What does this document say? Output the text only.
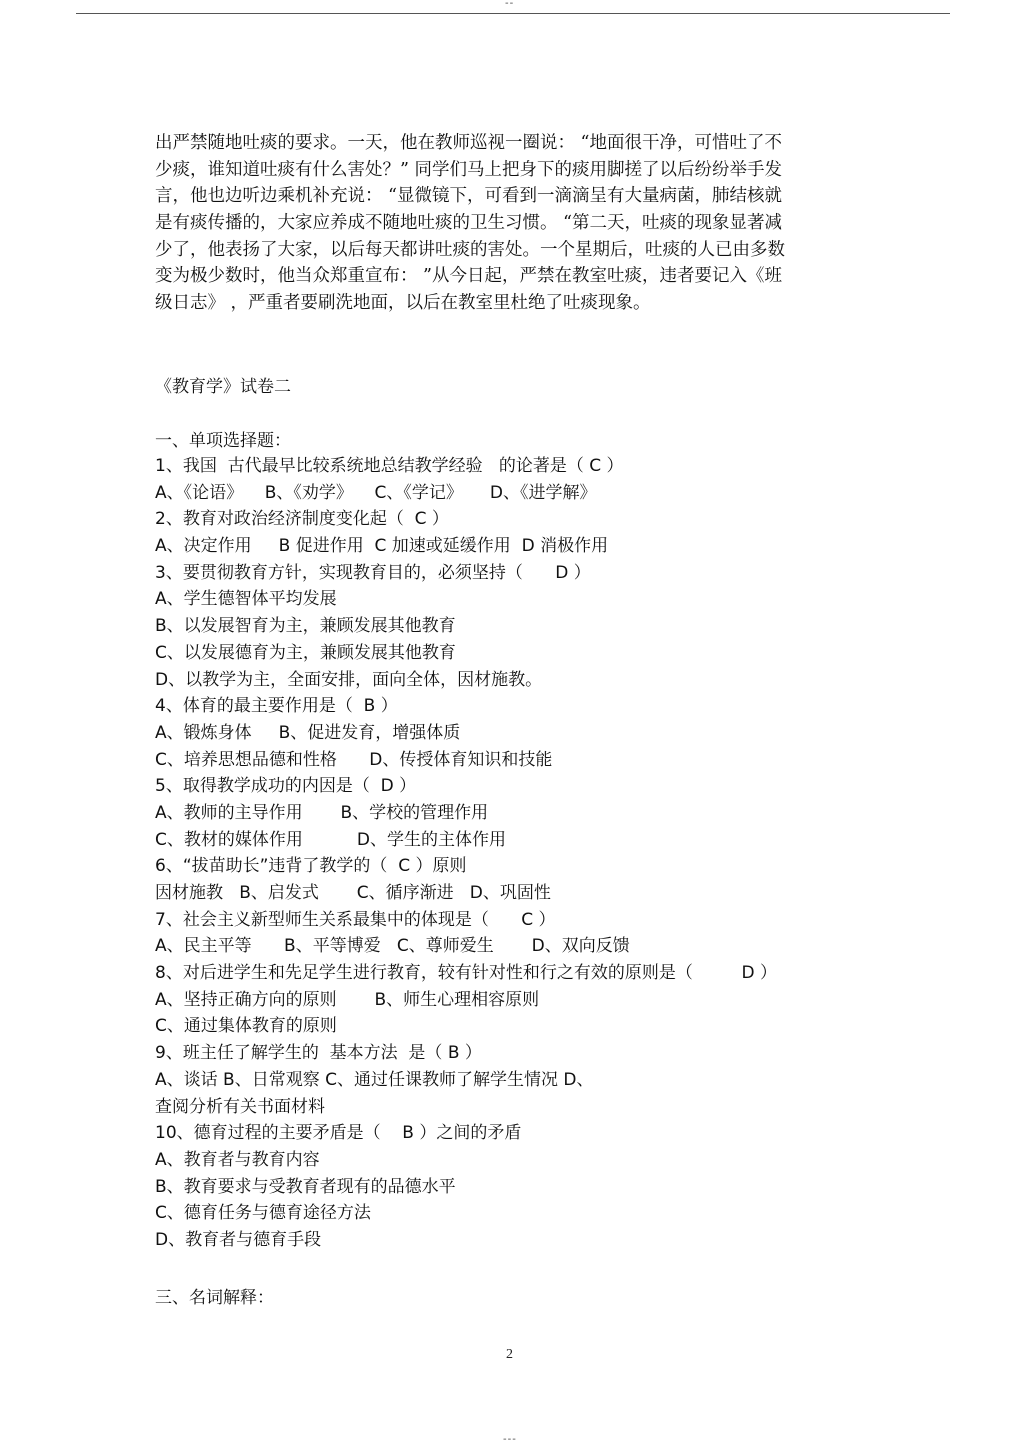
--
出严禁随地吐痰的要求。一天，他在教师巡视一圈说： “地面很干净，可惜吐了不
少痰，谁知道吐痰有什么害处？” 同学们马上把身下的痰用脚搓了以后纷纷举手发
言，他也边听边乘机补充说： “显微镜下，可看到一滴滴呈有大量病菌，肺结核就
是有痰传播的，大家应养成不随地吐痰的卫生习惯。 “第二天，吐痰的现象显著减
少了，他表扬了大家，以后每天都讲吐痰的害处。一个星期后，吐痰的人已由多数
变为极少数时，他当众郑重宣布： ”从今日起，严禁在教室吐痰，违者要记入《班
级日志》 ，严重者要刷洗地面，以后在教室里杜绝了吐痰现象。
《教育学》试卷二
一、单项选择题：
1、我国  古代最早比较系统地总结教学经验   的论著是（ C ）
A、《论语》    B、《劝学》    C、《学记》     D、《进学解》
2、教育对政治经济制度变化起（  C ）
A、决定作用     B 促进作用  C 加速或延缓作用  D 消极作用
3、要贯彻教育方针，实现教育目的，必须坚持（      D ）
A、学生德智体平均发展
B、以发展智育为主，兼顾发展其他教育
C、以发展德育为主，兼顾发展其他教育
D、以教学为主，全面安排，面向全体，因材施教。
4、体育的最主要作用是（  B ）
A、锻炼身体     B、促进发育，增强体质
C、培养思想品德和性格      D、传授体育知识和技能
5、取得教学成功的内因是（  D ）
A、教师的主导作用       B、学校的管理作用
C、教材的媒体作用          D、学生的主体作用
6、“拔苗助长”违背了教学的（  C ）原则
因材施教   B、启发式       C、循序渐进   D、巩固性
7、社会主义新型师生关系最集中的体现是（      C ）
A、民主平等      B、平等博爱   C、尊师爱生       D、双向反馈
8、对后进学生和先足学生进行教育，较有针对性和行之有效的原则是（         D ）
A、坚持正确方向的原则       B、师生心理相容原则
C、通过集体教育的原则
9、班主任了解学生的  基本方法  是（ B ）
A、谈话 B、日常观察 C、通过任课教师了解学生情况 D、
查阅分析有关书面材料
10、德育过程的主要矛盾是（    B ）之间的矛盾
A、教育者与教育内容
B、教育要求与受教育者现有的品德水平
C、德育任务与德育途径方法
D、教育者与德育手段
三、名词解释：
2
---
